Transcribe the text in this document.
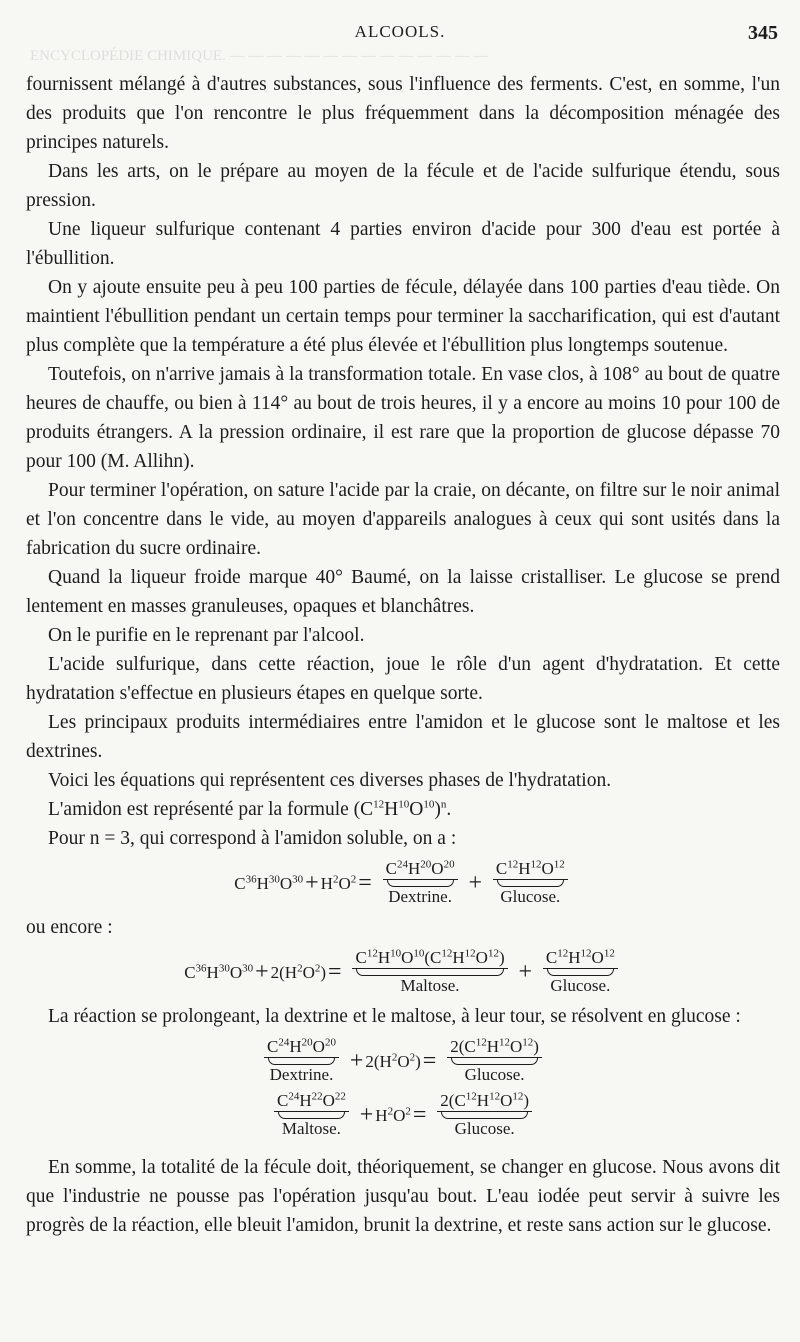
ENCYCLOPÉDIE CHIMIQUE. — — — — — — — — — — — — — —
ALCOOLS.	345

fournissent mélangé à d'autres substances, sous l'influence des ferments. C'est, en somme, l'un des produits que l'on rencontre le plus fréquemment dans la décomposition ménagée des principes naturels.

Dans les arts, on le prépare au moyen de la fécule et de l'acide sulfurique étendu, sous pression.

Une liqueur sulfurique contenant 4 parties environ d'acide pour 300 d'eau est portée à l'ébullition.

On y ajoute ensuite peu à peu 100 parties de fécule, délayée dans 100 parties d'eau tiède. On maintient l'ébullition pendant un certain temps pour terminer la saccharification, qui est d'autant plus complète que la température a été plus élevée et l'ébullition plus longtemps soutenue.

Toutefois, on n'arrive jamais à la transformation totale. En vase clos, à 108° au bout de quatre heures de chauffe, ou bien à 114° au bout de trois heures, il y a encore au moins 10 pour 100 de produits étrangers. A la pression ordinaire, il est rare que la proportion de glucose dépasse 70 pour 100 (M. Allihn).

Pour terminer l'opération, on sature l'acide par la craie, on décante, on filtre sur le noir animal et l'on concentre dans le vide, au moyen d'appareils analogues à ceux qui sont usités dans la fabrication du sucre ordinaire.

Quand la liqueur froide marque 40° Baumé, on la laisse cristalliser. Le glucose se prend lentement en masses granuleuses, opaques et blanchâtres.

On le purifie en le reprenant par l'alcool.

L'acide sulfurique, dans cette réaction, joue le rôle d'un agent d'hydratation. Et cette hydratation s'effectue en plusieurs étapes en quelque sorte.

Les principaux produits intermédiaires entre l'amidon et le glucose sont le maltose et les dextrines.

Voici les équations qui représentent ces diverses phases de l'hydratation.

L'amidon est représenté par la formule $(C^{12}H^{10}O^{10})^n$.

Pour n = 3, qui correspond à l'amidon soluble, on a :

$C^{36}H^{30}O^{30}+ H^2O^2= \frac{C^{24}H^{20}O^{20}}{\text{Dextrine.}} + \frac{C^{12}H^{12}O^{12}}{\text{Glucose.}}$

ou encore :

$C^{36}H^{30}O^{30}+ 2(H^2O^2)= \frac{C^{12}H^{10}O^{10}(C^{12}H^{12}O^{12})}{\text{Maltose.}} + \frac{C^{12}H^{12}O^{12}}{\text{Glucose.}}$

La réaction se prolongeant, la dextrine et le maltose, à leur tour, se résolvent en glucose :

$\frac{C^{24}H^{20}O^{20}}{\text{Dextrine.}} + 2(H^2O^2)= \frac{2(C^{12}H^{12}O^{12})}{\text{Glucose.}}$
$\frac{C^{24}H^{22}O^{22}}{\text{Maltose.}} + H^2O^2= \frac{2(C^{12}H^{12}O^{12})}{\text{Glucose.}}$

En somme, la totalité de la fécule doit, théoriquement, se changer en glucose. Nous avons dit que l'industrie ne pousse pas l'opération jusqu'au bout. L'eau iodée peut servir à suivre les progrès de la réaction, elle bleuit l'amidon, brunit la dextrine, et reste sans action sur le glucose.
